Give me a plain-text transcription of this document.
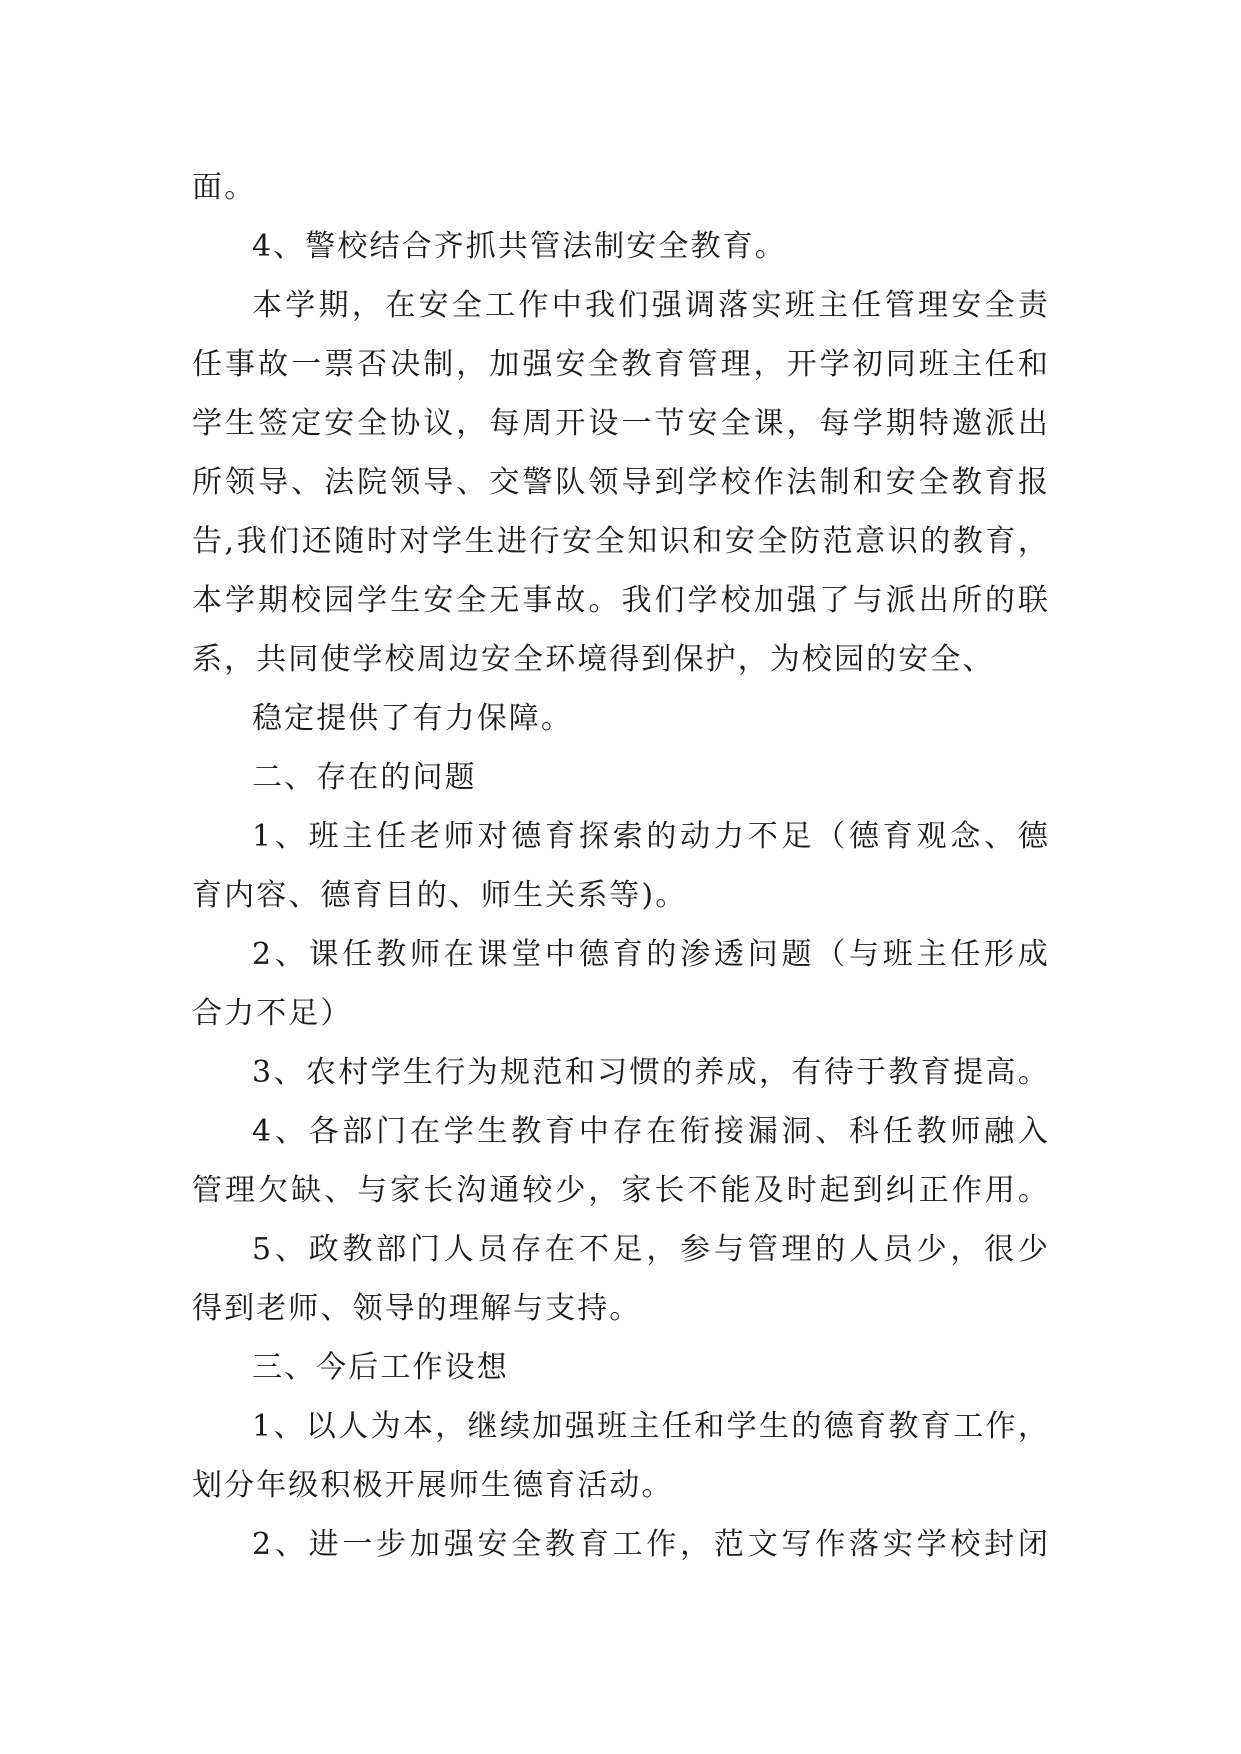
面。
4、警校结合齐抓共管法制安全教育。
本学期，在安全工作中我们强调落实班主任管理安全责
任事故一票否决制，加强安全教育管理，开学初同班主任和
学生签定安全协议，每周开设一节安全课，每学期特邀派出
所领导、法院领导、交警队领导到学校作法制和安全教育报
告,我们还随时对学生进行安全知识和安全防范意识的教育，
本学期校园学生安全无事故。我们学校加强了与派出所的联
系，共同使学校周边安全环境得到保护，为校园的安全、
稳定提供了有力保障。
二、存在的问题
1、班主任老师对德育探索的动力不足（德育观念、德
育内容、德育目的、师生关系等)。
2、课任教师在课堂中德育的渗透问题（与班主任形成
合力不足）
3、农村学生行为规范和习惯的养成，有待于教育提高。
4、各部门在学生教育中存在衔接漏洞、科任教师融入
管理欠缺、与家长沟通较少，家长不能及时起到纠正作用。
5、政教部门人员存在不足，参与管理的人员少，很少
得到老师、领导的理解与支持。
三、今后工作设想
1、以人为本，继续加强班主任和学生的德育教育工作，
划分年级积极开展师生德育活动。
2、进一步加强安全教育工作，范文写作落实学校封闭
